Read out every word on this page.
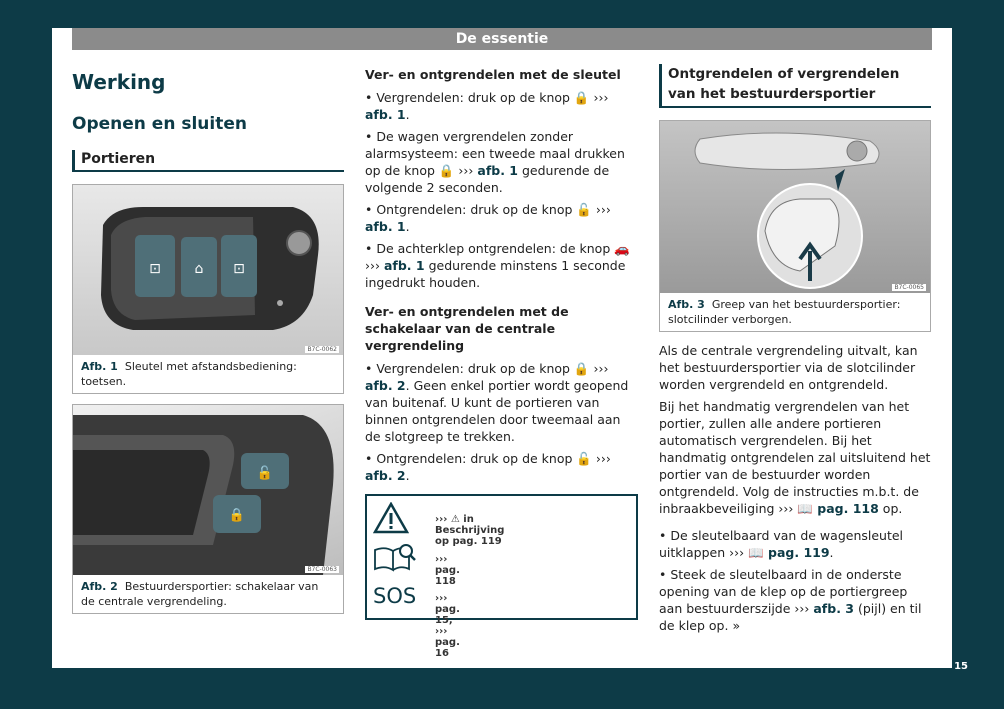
De essentie
Werking
Openen en sluiten
Portieren
⊡ ⌂ ⊡
B7C-0062
Afb. 1 Sleutel met afstandsbediening: toetsen.
🔓
🔒
B7C-0063
Afb. 2 Bestuurdersportier: schakelaar van de centrale vergrendeling.
Ver- en ontgrendelen met de sleutel

• Vergrendelen: druk op de knop 🔒 ››› afb. 1.

• De wagen vergrendelen zonder alarmsysteem: een tweede maal drukken op de knop 🔒 ››› afb. 1 gedurende de volgende 2 seconden.

• Ontgrendelen: druk op de knop 🔓 ››› afb. 1.

• De achterklep ontgrendelen: de knop 🚗 ››› afb. 1 gedurende minstens 1 seconde ingedrukt houden.

Ver- en ontgrendelen met de schakelaar van de centrale vergrendeling

• Vergrendelen: druk op de knop 🔒 ››› afb. 2. Geen enkel portier wordt geopend van buitenaf. U kunt de portieren van binnen ontgrendelen door tweemaal aan de slotgreep te trekken.

• Ontgrendelen: druk op de knop 🔓 ››› afb. 2.

››› ⚠ in Beschrijving op pag. 119
››› pag. 118
SOS ››› pag. 15, ››› pag. 16
Ontgrendelen of vergrendelen van het bestuurdersportier
B7C-0065
Afb. 3 Greep van het bestuurdersportier: slotcilinder verborgen.

Als de centrale vergrendeling uitvalt, kan het bestuurdersportier via de slotcilinder worden vergrendeld en ontgrendeld.

Bij het handmatig vergrendelen van het portier, zullen alle andere portieren automatisch vergrendelen. Bij het handmatig ontgrendelen zal uitsluitend het portier van de bestuurder worden ontgrendeld. Volg de instructies m.b.t. de inbraakbeveiliging ››› 📖 pag. 118 op.

• De sleutelbaard van de wagensleutel uitklappen ››› 📖 pag. 119.

• Steek de sleutelbaard in de onderste opening van de klep op de portiergreep aan bestuurderszijde ››› afb. 3 (pijl) en til de klep op. »

15
